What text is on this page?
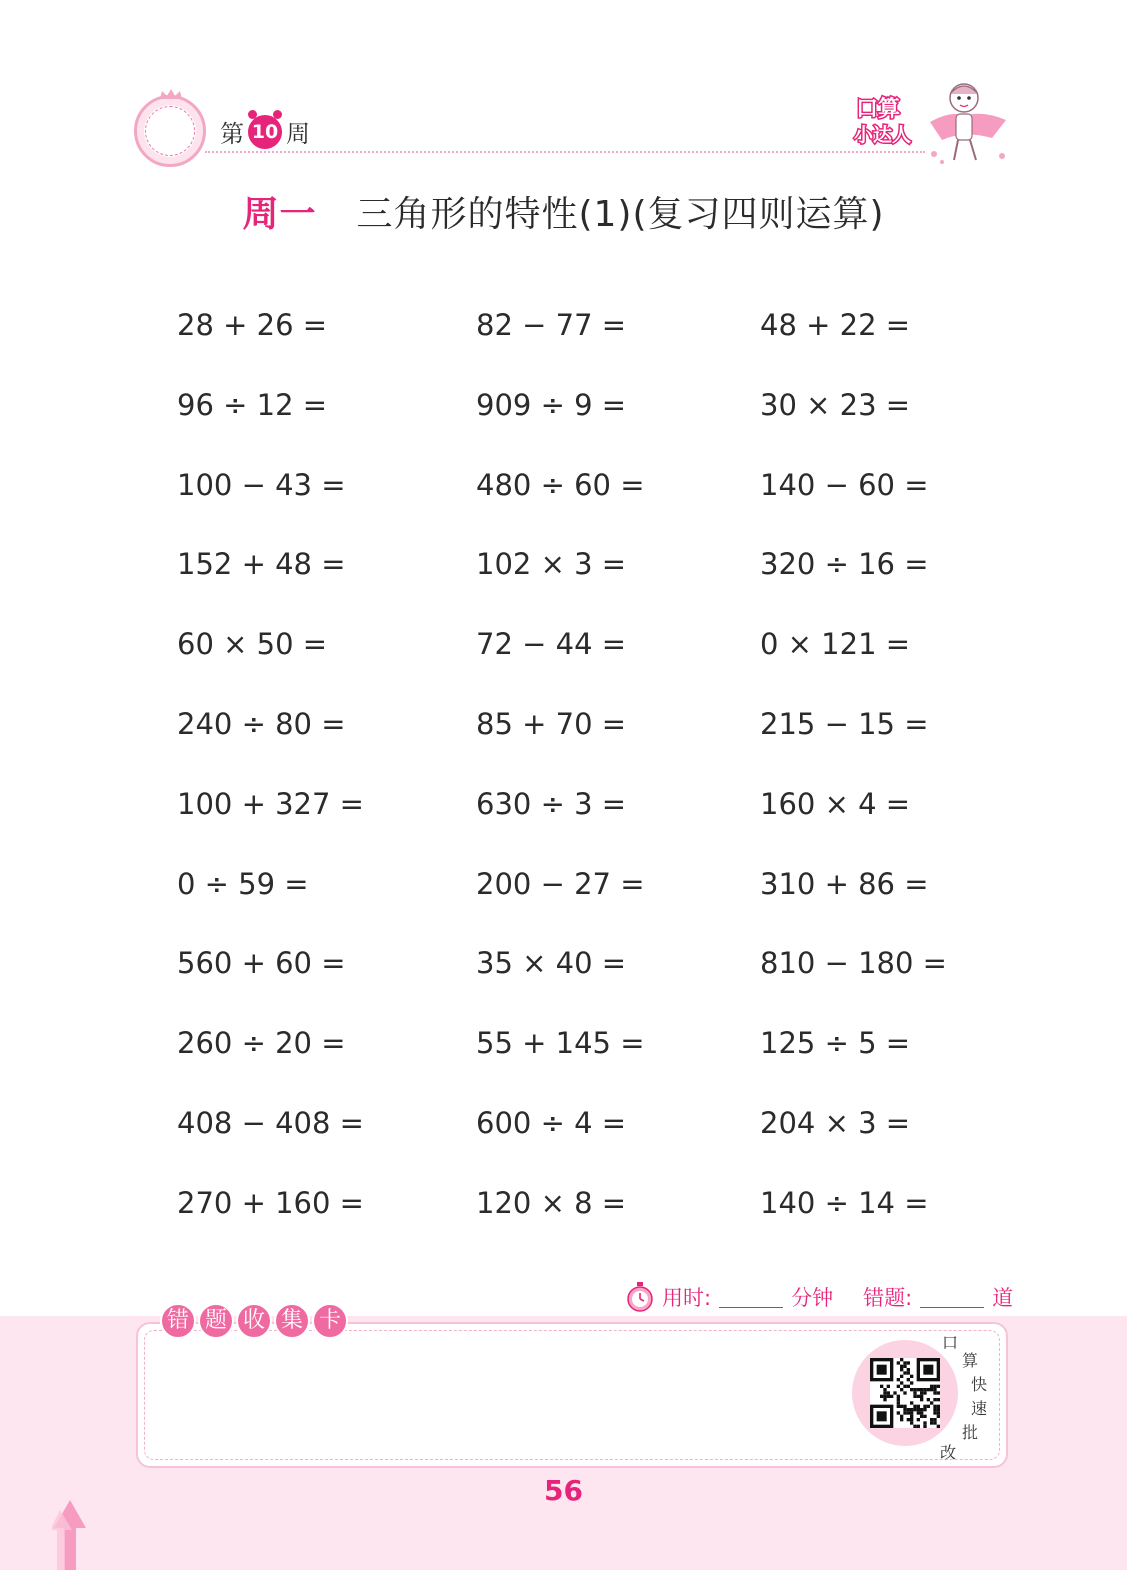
第 10 周
口算
小达人
周一 三角形的特性(1)(复习四则运算)
28 + 26 =	82 − 77 =	48 + 22 =
96 ÷ 12 =	909 ÷ 9 =	30 × 23 =
100 − 43 =	480 ÷ 60 =	140 − 60 =
152 + 48 =	102 × 3 =	320 ÷ 16 =
60 × 50 =	72 − 44 =	0 × 121 =
240 ÷ 80 =	85 + 70 =	215 − 15 =
100 + 327 =	630 ÷ 3 =	160 × 4 =
0 ÷ 59 =	200 − 27 =	310 + 86 =
560 + 60 =	35 × 40 =	810 − 180 =
260 ÷ 20 =	55 + 145 =	125 ÷ 5 =
408 − 408 =	600 ÷ 4 =	204 × 3 =
270 + 160 =	120 × 8 =	140 ÷ 14 =
用时:	分钟 错题:	道
错 题 收 集 卡
口
算
快
速
批
改
56
